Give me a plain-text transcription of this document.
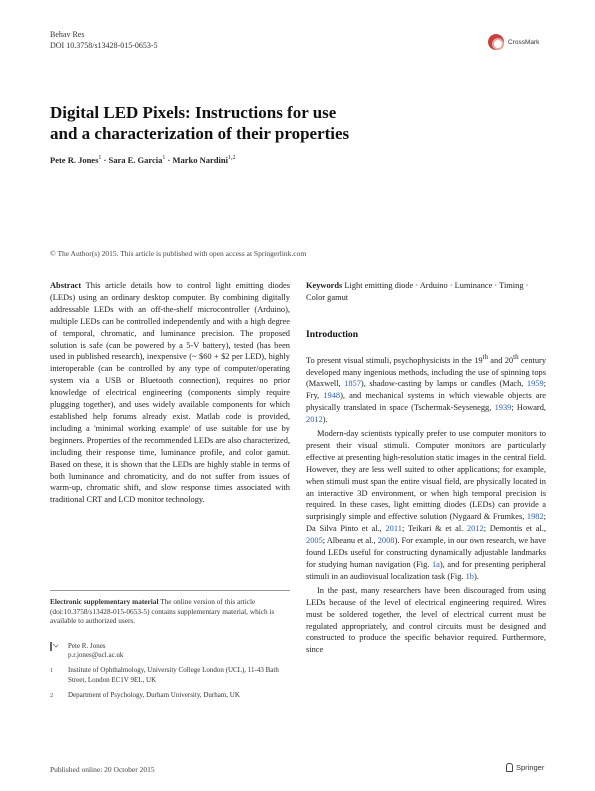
Behav Res
DOI 10.3758/s13428-015-0653-5	CrossMark
Digital LED Pixels: Instructions for use
and a characterization of their properties
Pete R. Jones$^1$ · Sara E. Garcia$^1$ · Marko Nardini$^{1,2}$
© The Author(s) 2015. This article is published with open access at Springerlink.com

Abstract This article details how to control light emitting diodes (LEDs) using an ordinary desktop computer. By combining digitally addressable LEDs with an off-the-shelf microcontroller (Arduino), multiple LEDs can be controlled independently and with a high degree of temporal, chromatic, and luminance precision. The proposed solution is safe (can be powered by a 5-V battery), tested (has been used in published research), inexpensive (~ $60 + $2 per LED), highly interoperable (can be controlled by any type of computer/operating system via a USB or Bluetooth connection), requires no prior knowledge of electrical engineering (components simply require plugging together), and uses widely available components for which established help forums already exist. Matlab code is provided, including a 'minimal working example' of use suitable for use by beginners. Properties of the recommended LEDs are also characterized, including their response time, luminance profile, and color gamut. Based on these, it is shown that the LEDs are highly stable in terms of both luminance and chromaticity, and do not suffer from issues of warm-up, chromatic shift, and slow response times associated with traditional CRT and LCD monitor technology.

Electronic supplementary material The online version of this article (doi:10.3758/s13428-015-0653-5) contains supplementary material, which is available to authorized users.
Pete R. Jones
p.r.jones@ucl.ac.uk
1	Institute of Ophthalmology, University College London (UCL), 11-43 Bath Street, London EC1V 9EL, UK
2	Department of Psychology, Durham University, Durham, UK

Keywords Light emitting diode · Arduino · Luminance · Timing · Color gamut

Introduction

To present visual stimuli, psychophysicists in the 19th and 20th century developed many ingenious methods, including the use of spinning tops (Maxwell, 1857), shadow-casting by lamps or candles (Mach, 1959; Fry, 1948), and mechanical systems in which viewable objects are physically translated in space (Tschermak-Seysenegg, 1939; Howard, 2012).

Modern-day scientists typically prefer to use computer monitors to present their visual stimuli. Computer monitors are particularly effective at presenting high-resolution static images in the central field. However, they are less well suited to other applications; for example, when stimuli must span the entire visual field, are physically located in an interactive 3D environment, or when high temporal precision is required. In these cases, light emitting diodes (LEDs) can provide a surprisingly simple and effective solution (Nygaard & Frumkes, 1982; Da Silva Pinto et al., 2011; Teikari & et al. 2012; Demontis et al., 2005; Albeanu et al., 2008). For example, in our own research, we have found LEDs useful for constructing dynamically adjustable landmarks for studying human navigation (Fig. 1a), and for presenting peripheral stimuli in an audiovisual localization task (Fig. 1b).

In the past, many researchers have been discouraged from using LEDs because of the level of electrical engineering required. Wires must be soldered together, the level of electrical current must be regulated appropriately, and control circuits must be designed and constructed to produce the specific behavior required. Furthermore, since

Published online: 20 October 2015	Springer
